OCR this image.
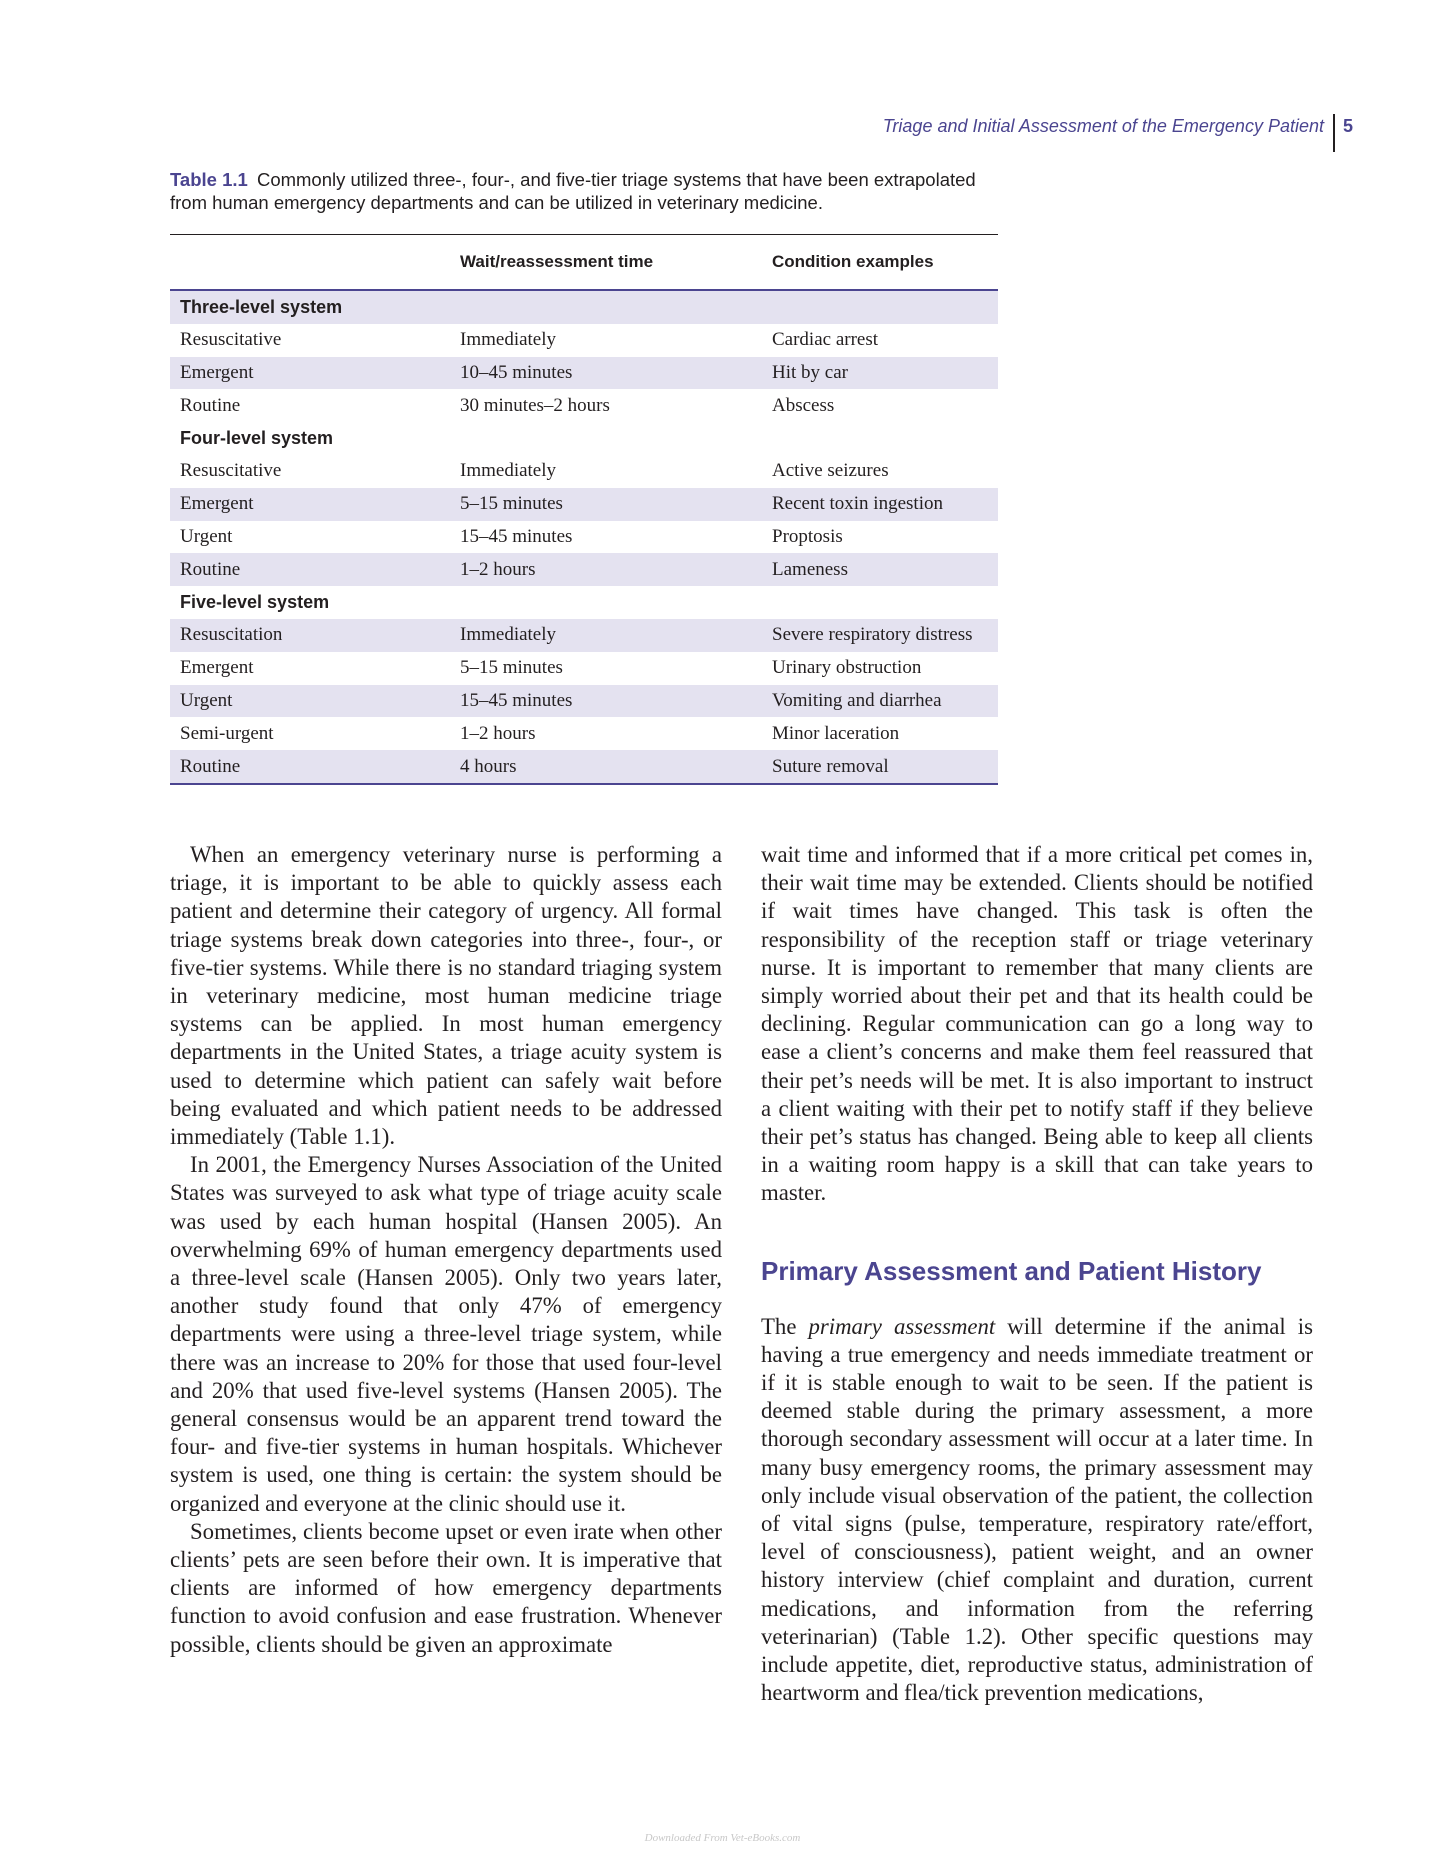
Triage and Initial Assessment of the Emergency Patient 5
Table 1.1 Commonly utilized three-, four-, and five-tier triage systems that have been extrapolated from human emergency departments and can be utilized in veterinary medicine.
	Wait/reassessment time	Condition examples
Three-level system		
Resuscitative	Immediately	Cardiac arrest
Emergent	10–45 minutes	Hit by car
Routine	30 minutes–2 hours	Abscess
Four-level system		
Resuscitative	Immediately	Active seizures
Emergent	5–15 minutes	Recent toxin ingestion
Urgent	15–45 minutes	Proptosis
Routine	1–2 hours	Lameness
Five-level system		
Resuscitation	Immediately	Severe respiratory distress
Emergent	5–15 minutes	Urinary obstruction
Urgent	15–45 minutes	Vomiting and diarrhea
Semi-urgent	1–2 hours	Minor laceration
Routine	4 hours	Suture removal

When an emergency veterinary nurse is performing a triage, it is important to be able to quickly assess each patient and determine their category of urgency. All formal triage systems break down categories into three-, four-, or five-tier systems. While there is no standard triaging system in veterinary medicine, most human medicine triage systems can be applied. In most human emergency departments in the United States, a triage acuity system is used to determine which patient can safely wait before being evaluated and which patient needs to be addressed immediately (Table 1.1).

In 2001, the Emergency Nurses Association of the United States was surveyed to ask what type of triage acuity scale was used by each human hospital (Hansen 2005). An overwhelming 69% of human emergency departments used a three-level scale (Hansen 2005). Only two years later, another study found that only 47% of emergency departments were using a three-level triage system, while there was an increase to 20% for those that used four-level and 20% that used five-level systems (Hansen 2005). The general consensus would be an apparent trend toward the four- and five-tier systems in human hospitals. Whichever system is used, one thing is certain: the system should be organized and everyone at the clinic should use it.

Sometimes, clients become upset or even irate when other clients’ pets are seen before their own. It is imperative that clients are informed of how emergency departments function to avoid confusion and ease frustration. Whenever possible, clients should be given an approximate

wait time and informed that if a more critical pet comes in, their wait time may be extended. Clients should be notified if wait times have changed. This task is often the responsibility of the reception staff or triage veterinary nurse. It is important to remember that many clients are simply worried about their pet and that its health could be declining. Regular communication can go a long way to ease a client’s concerns and make them feel reassured that their pet’s needs will be met. It is also important to instruct a client waiting with their pet to notify staff if they believe their pet’s status has changed. Being able to keep all clients in a waiting room happy is a skill that can take years to master.

Primary Assessment and Patient History

The primary assessment will determine if the animal is having a true emergency and needs immediate treatment or if it is stable enough to wait to be seen. If the patient is deemed stable during the primary assessment, a more thorough secondary assessment will occur at a later time. In many busy emergency rooms, the primary assessment may only include visual observation of the patient, the collection of vital signs (pulse, temperature, respiratory rate/effort, level of consciousness), patient weight, and an owner history interview (chief complaint and duration, current medications, and information from the referring veterinarian) (Table 1.2). Other specific questions may include appetite, diet, reproductive status, administration of heartworm and flea/tick prevention medications,

Downloaded From Vet-eBooks.com
